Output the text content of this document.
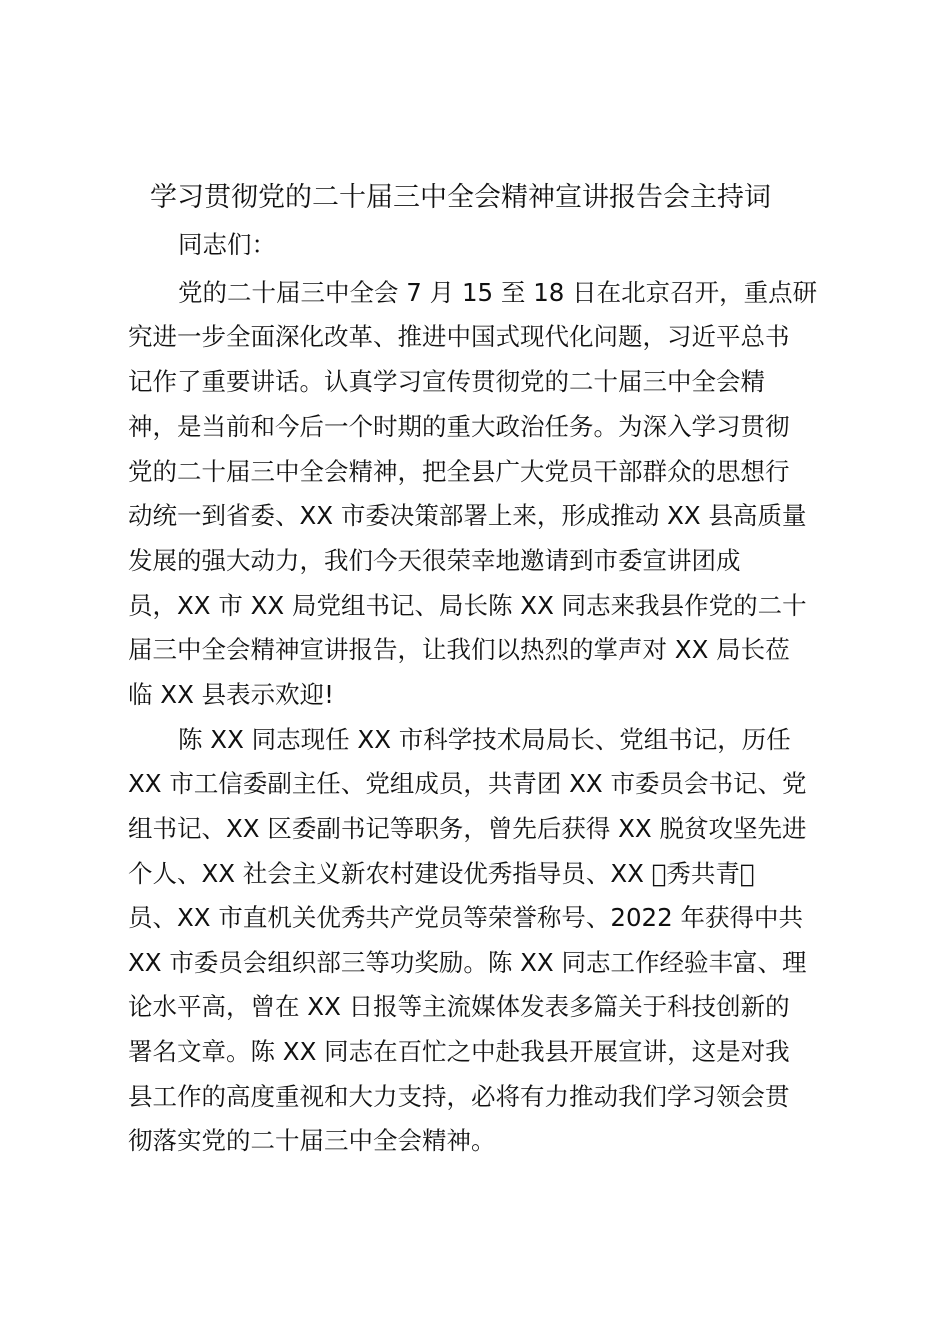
学习贯彻党的二十届三中全会精神宣讲报告会主持词
同志们：
党的二十届三中全会 7 月 15 至 18 日在北京召开，重点研
究进一步全面深化改革、推进中国式现代化问题，习近平总书
记作了重要讲话。认真学习宣传贯彻党的二十届三中全会精
神，是当前和今后一个时期的重大政治任务。为深入学习贯彻
党的二十届三中全会精神，把全县广大党员干部群众的思想行
动统一到省委、XX 市委决策部署上来，形成推动 XX 县高质量
发展的强大动力，我们今天很荣幸地邀请到市委宣讲团成
员，XX 市 XX 局党组书记、局长陈 XX 同志来我县作党的二十
届三中全会精神宣讲报告，让我们以热烈的掌声对 XX 局长莅
临 XX 县表示欢迎!
陈 XX 同志现任 XX 市科学技术局局长、党组书记，历任
XX 市工信委副主任、党组成员，共青团 XX 市委员会书记、党
组书记、XX 区委副书记等职务，曾先后获得 XX 脱贫攻坚先进
个人、XX 社会主义新农村建设优秀指导员、XX 􏰀秀共青􏰀
员、XX 市直机关优秀共产党员等荣誉称号、2022 年获得中共
XX 市委员会组织部三等功奖励。陈 XX 同志工作经验丰富、理
论水平高，曾在 XX 日报等主流媒体发表多篇关于科技创新的
署名文章。陈 XX 同志在百忙之中赴我县开展宣讲，这是对我
县工作的高度重视和大力支持，必将有力推动我们学习领会贯
彻落实党的二十届三中全会精神。
